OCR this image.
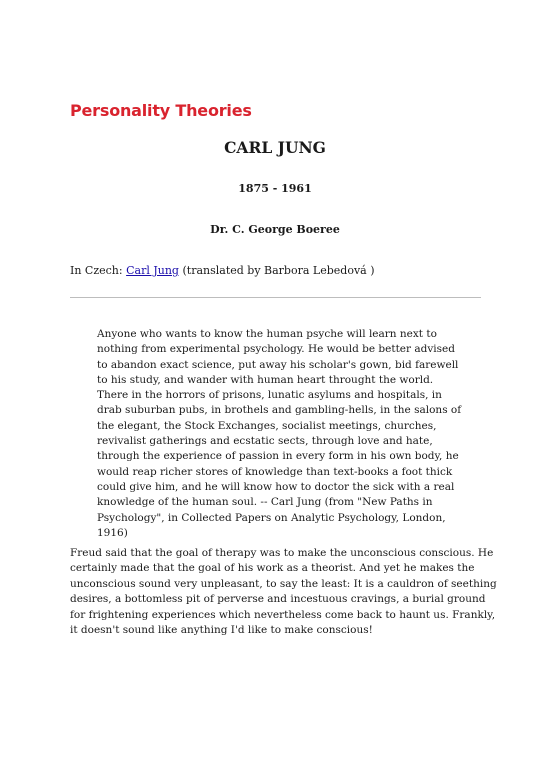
Personality Theories
CARL JUNG

1875 - 1961

Dr. C. George Boeree

In Czech: Carl Jung (translated by Barbora Lebedová )

Anyone who wants to know the human psyche will learn next to
nothing from experimental psychology. He would be better advised
to abandon exact science, put away his scholar's gown, bid farewell
to his study, and wander with human heart throught the world.
There in the horrors of prisons, lunatic asylums and hospitals, in
drab suburban pubs, in brothels and gambling-hells, in the salons of
the elegant, the Stock Exchanges, socialist meetings, churches,
revivalist gatherings and ecstatic sects, through love and hate,
through the experience of passion in every form in his own body, he
would reap richer stores of knowledge than text-books a foot thick
could give him, and he will know how to doctor the sick with a real
knowledge of the human soul. -- Carl Jung (from "New Paths in
Psychology", in Collected Papers on Analytic Psychology, London,
1916)
Freud said that the goal of therapy was to make the unconscious conscious. He
certainly made that the goal of his work as a theorist. And yet he makes the
unconscious sound very unpleasant, to say the least: It is a cauldron of seething
desires, a bottomless pit of perverse and incestuous cravings, a burial ground
for frightening experiences which nevertheless come back to haunt us. Frankly,
it doesn't sound like anything I'd like to make conscious!
